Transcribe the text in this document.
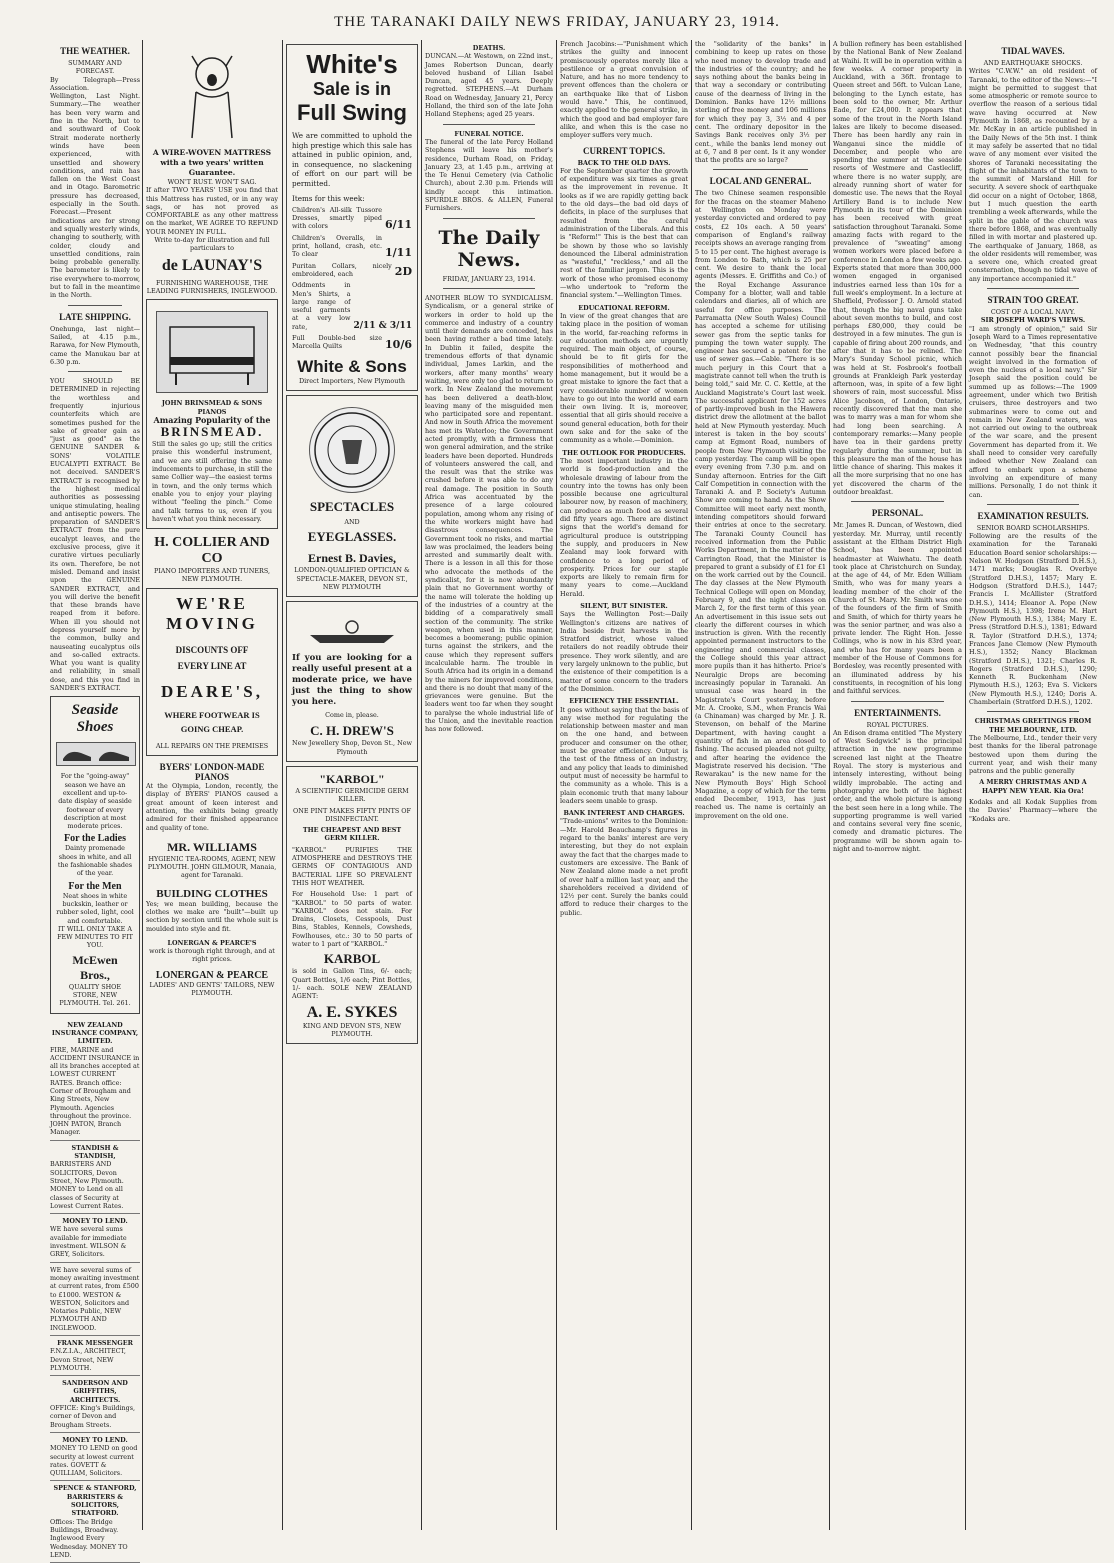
THE TARANAKI DAILY NEWS FRIDAY, JANUARY 23, 1914.
THE WEATHER.
SUMMARY AND FORECAST.

By Telegraph—Press Association.

Wellington, Last Night. Summary.—The weather has been very warm and fine in the North, but to and southward of Cook Strait moderate northerly winds have been experienced, with unsettled and showery conditions, and rain has fallen on the West Coast and in Otago. Barometric pressure has decreased, especially in the South. Forecast.—Present indications are for strong and squally westerly winds, changing to southerly, with colder, cloudy and unsettled conditions, rain being probable generally. The barometer is likely to rise everywhere to-morrow, but to fall in the meantime in the North.

LATE SHIPPING.

Onehunga, last night—Sailed, at 4.15 p.m., Rarawa, for New Plymouth, came the Manukau bar at 6.30 p.m.

YOU SHOULD BE DETERMINED in rejecting the worthless and frequently injurious counterfeits which are sometimes pushed for the sake of greater gain as "just as good" as the GENUINE SANDER & SONS' VOLATILE EUCALYPTI EXTRACT. Be not deceived. SANDER'S EXTRACT is recognised by the highest medical authorities as possessing unique stimulating, healing and antiseptic powers. The preparation of SANDER'S EXTRACT from the pure eucalypt leaves, and the exclusive process, give it curative virtues peculiarly its own. Therefore, be not misled. Demand and insist upon the GENUINE SANDER EXTRACT, and you will derive the benefit that these brands have reaped from it before. When ill you should not depress yourself more by the common, bulky and nauseating eucalyptus oils and so-called extracts. What you want is quality and reliability, in small dose, and this you find in SANDER'S EXTRACT.

Seaside Shoes

For the "going-away" season we have an excellent and up-to-date display of seaside footwear of every description at most moderate prices.

For the Ladies

Dainty promenade shoes in white, and all the fashionable shades of the year.

For the Men

Neat shoes in white buckskin, leather or rubber soled, light, cool and comfortable.

IT WILL ONLY TAKE A FEW MINUTES TO FIT YOU.

McEwen Bros.,

QUALITY SHOE STORE, NEW PLYMOUTH. Tel. 261.

NEW ZEALAND INSURANCE COMPANY, LIMITED.

FIRE, MARINE and ACCIDENT INSURANCE in all its branches accepted at LOWEST CURRENT RATES. Branch office: Corner of Brougham and King Streets, New Plymouth. Agencies throughout the province. JOHN PATON, Branch Manager.

STANDISH & STANDISH,

BARRISTERS AND SOLICITORS, Devon Street, New Plymouth. MONEY to Lend on all classes of Security at Lowest Current Rates.

MONEY TO LEND.

WE have several sums available for immediate investment. WILSON & GREY, Solicitors.

WE have several sums of money awaiting investment at current rates, from £500 to £1000. WESTON & WESTON, Solicitors and Notaries Public, NEW PLYMOUTH AND INGLEWOOD.

FRANK MESSENGER

F.N.Z.I.A., ARCHITECT, Devon Street, NEW PLYMOUTH.

SANDERSON AND GRIFFITHS, ARCHITECTS.

OFFICE: King's Buildings, corner of Devon and Brougham Streets.

MONEY TO LEND.

MONEY TO LEND on good security at lowest current rates. GOVETT & QUILLIAM, Solicitors.

SPENCE & STANFORD, BARRISTERS & SOLICITORS, STRATFORD.

Offices: The Bridge Buildings, Broadway. Inglewood Every Wednesday. MONEY TO LEND.

A WIRE-WOVEN MATTRESS with a two years' written Guarantee.
WON'T RUST. WON'T SAG.

If after TWO YEARS' USE you find that this Mattress has rusted, or in any way sags, or has not proved as COMFORTABLE as any other mattress on the market, WE AGREE TO REFUND YOUR MONEY IN FULL.

Write to-day for illustration and full particulars to

de LAUNAY'S

FURNISHING WAREHOUSE, THE LEADING FURNISHERS, INGLEWOOD.

JOHN BRINSMEAD & SONS PIANOS
Amazing Popularity of the
BRINSMEAD.

Still the sales go up; still the critics praise this wonderful instrument, and we are still offering the same inducements to purchase, in still the same Collier way—the easiest terms in town, and the only terms which enable you to enjoy your playing without "feeling the pinch." Come and talk terms to us, even if you haven't what you think necessary.

H. COLLIER AND CO

PIANO IMPORTERS AND TUNERS, NEW PLYMOUTH.

WE'RE
MOVING
DISCOUNTS OFF EVERY LINE AT
DEARE'S,
WHERE FOOTWEAR IS GOING CHEAP.

ALL REPAIRS ON THE PREMISES

BYERS' LONDON-MADE PIANOS

At the Olympia, London, recently, the display of BYERS' PIANOS caused a great amount of keen interest and attention, the exhibits being greatly admired for their finished appearance and quality of tone.

MR. WILLIAMS

HYGIENIC TEA-ROOMS, AGENT, NEW PLYMOUTH. JOHN GILMOUR, Manaia, agent for Taranaki.

BUILDING CLOTHES

Yes; we mean building, because the clothes we make are "built"—built up section by section until the whole suit is moulded into style and fit.

LONERGAN & PEARCE'S

work is thorough right through, and at right prices.

LONERGAN & PEARCE

LADIES' AND GENTS' TAILORS, NEW PLYMOUTH.

White's
Sale is in
Full Swing

We are committed to uphold the high prestige which this sale has attained in public opinion, and, in consequence, no slackening of effort on our part will be permitted.

Items for this week:
Children's All-silk Tussore Dresses, smartly piped with colors	6/11
Children's Overalls, in print, holland, crash, etc. To clear	1/11
Puritan Collars, nicely embroidered, each	2D
Oddments in Men's Shirts, a large range of useful garments at a very low rate,	2/11 & 3/11
Full Double-bed size Marcella Quilts	10/6
White & Sons

Direct Importers, New Plymouth

SPECTACLES
AND
EYEGLASSES.
Ernest B. Davies,

LONDON-QUALIFIED OPTICIAN & SPECTACLE-MAKER, DEVON ST., NEW PLYMOUTH

If you are looking for a really useful present at a moderate price, we have just the thing to show you here.

Come in, please.

C. H. DREW'S

New Jewellery Shop, Devon St., New Plymouth

"KARBOL"

A SCIENTIFIC GERMICIDE GERM KILLER.

ONE PINT MAKES FIFTY PINTS OF DISINFECTANT.

THE CHEAPEST AND BEST GERM KILLER.

"KARBOL" PURIFIES THE ATMOSPHERE and DESTROYS THE GERMS OF CONTAGIOUS AND BACTERIAL LIFE SO PREVALENT THIS HOT WEATHER.

For Household Use: 1 part of "KARBOL" to 50 parts of water. "KARBOL" does not stain. For Drains, Closets, Cesspools, Dust Bins, Stables, Kennels, Cowsheds, Fowlhouses, etc.: 30 to 50 parts of water to 1 part of "KARBOL."

KARBOL

is sold in Gallon Tins, 6/- each; Quart Bottles, 1/6 each; Pint Bottles, 1/- each. SOLE NEW ZEALAND AGENT:

A. E. SYKES

KING AND DEVON STS, NEW PLYMOUTH.

DEATHS.

DUNCAN.—At Westown, on 22nd inst., James Robertson Duncan, dearly beloved husband of Lilian Isabel Duncan, aged 45 years. Deeply regretted. STEPHENS.—At Durham Road on Wednesday, January 21, Percy Holland, the third son of the late John Holland Stephens; aged 25 years.

FUNERAL NOTICE.

The funeral of the late Percy Holland Stephens will leave his mother's residence, Durham Road, on Friday, January 23, at 1.45 p.m., arriving at the Te Henui Cemetery (via Catholic Church), about 2.30 p.m. Friends will kindly accept this intimation. SPURDLE BROS. & ALLEN, Funeral Furnishers.

The Daily News.
FRIDAY, JANUARY 23, 1914.

ANOTHER BLOW TO SYNDICALISM. Syndicalism, or a general strike of workers in order to hold up the commerce and industry of a country until their demands are conceded, has been having rather a bad time lately. In Dublin it failed, despite the tremendous efforts of that dynamic individual, James Larkin, and the workers, after many months' weary waiting, were only too glad to return to work. In New Zealand the movement has been delivered a death-blow, leaving many of the misguided men who participated sore and repentant. And now in South Africa the movement has met its Waterloo; the Government acted promptly, with a firmness that won general admiration, and the strike leaders have been deported. Hundreds of volunteers answered the call, and the result was that the strike was crushed before it was able to do any real damage. The position in South Africa was accentuated by the presence of a large coloured population, among whom any rising of the white workers might have had disastrous consequences. The Government took no risks, and martial law was proclaimed, the leaders being arrested and summarily dealt with. There is a lesson in all this for those who advocate the methods of the syndicalist, for it is now abundantly plain that no Government worthy of the name will tolerate the holding up of the industries of a country at the bidding of a comparatively small section of the community. The strike weapon, when used in this manner, becomes a boomerang; public opinion turns against the strikers, and the cause which they represent suffers incalculable harm. The trouble in South Africa had its origin in a demand by the miners for improved conditions, and there is no doubt that many of the grievances were genuine. But the leaders went too far when they sought to paralyse the whole industrial life of the Union, and the inevitable reaction has now followed.

French Jacobins:—"Punishment which strikes the guilty and innocent promiscuously operates merely like a pestilence or a great convulsion of Nature, and has no more tendency to prevent offences than the cholera or an earthquake like that of Lisbon would have." This, he continued, exactly applied to the general strike, in which the good and bad employer fare alike, and when this is the case no employer suffers very much.

CURRENT TOPICS.
BACK TO THE OLD DAYS.

For the September quarter the growth of expenditure was six times as great as the improvement in revenue. It looks as if we are rapidly getting back to the old days—the bad old days of deficits, in place of the surpluses that resulted from the careful administration of the Liberals. And this is "Reform!" This is the best that can be shown by those who so lavishly denounced the Liberal administration as "wasteful," "reckless," and all the rest of the familiar jargon. This is the work of those who promised economy—who undertook to "reform the financial system."—Wellington Times.

EDUCATIONAL REFORM.

In view of the great changes that are taking place in the position of woman in the world, far-reaching reforms in our education methods are urgently required. The main object, of course, should be to fit girls for the responsibilities of motherhood and home management, but it would be a great mistake to ignore the fact that a very considerable number of women have to go out into the world and earn their own living. It is, moreover, essential that all girls should receive a sound general education, both for their own sake and for the sake of the community as a whole.—Dominion.

THE OUTLOOK FOR PRODUCERS.

The most important industry in the world is food-production and the wholesale drawing of labour from the country into the towns has only been possible because one agricultural labourer now, by reason of machinery, can produce as much food as several did fifty years ago. There are distinct signs that the world's demand for agricultural produce is outstripping the supply, and producers in New Zealand may look forward with confidence to a long period of prosperity. Prices for our staple exports are likely to remain firm for many years to come.—Auckland Herald.

SILENT, BUT SINISTER.

Says the Wellington Post:—Daily Wellington's citizens are natives of India beside fruit harvests in the Stratford district, whose valued retailers do not readily obtrude their presence. They work silently, and are very largely unknown to the public, but the existence of their competition is a matter of some concern to the traders of the Dominion.

EFFICIENCY THE ESSENTIAL.

It goes without saying that the basis of any wise method for regulating the relationship between master and man on the one hand, and between producer and consumer on the other, must be greater efficiency. Output is the test of the fitness of an industry, and any policy that leads to diminished output must of necessity be harmful to the community as a whole. This is a plain economic truth that many labour leaders seem unable to grasp.

BANK INTEREST AND CHARGES.

"Trade-unions" writes to the Dominion:—Mr. Harold Beauchamp's figures in regard to the banks' interest are very interesting, but they do not explain away the fact that the charges made to customers are excessive. The Bank of New Zealand alone made a net profit of over half a million last year, and the shareholders received a dividend of 12½ per cent. Surely the banks could afford to reduce their charges to the public.

the "solidarity of the banks" in combining to keep up rates on those who need money to develop trade and the industries of the country; and he says nothing about the banks being in that way a secondary or contributing cause of the dearness of living in the Dominion. Banks have 12½ millions sterling of free money and 106 millions for which they pay 3, 3½ and 4 per cent. The ordinary depositor in the Savings Bank receives only 3½ per cent., while the banks lend money out at 6, 7 and 8 per cent. Is it any wonder that the profits are so large?

LOCAL AND GENERAL.

The two Chinese seamen responsible for the fracas on the steamer Maheno at Wellington on Monday were yesterday convicted and ordered to pay costs, £2 10s each. A 50 years' comparison of England's railway receipts shows an average ranging from 5 to 15 per cent. The highest average is from London to Bath, which is 25 per cent. We desire to thank the local agents (Messrs. E. Griffiths and Co.) of the Royal Exchange Assurance Company for a blotter, wall and table calendars and diaries, all of which are useful for office purposes. The Parramatta (New South Wales) Council has accepted a scheme for utilising sewer gas from the septic tanks for pumping the town water supply. The engineer has secured a patent for the use of sewer gas.—Cable. "There is so much perjury in this Court that a magistrate cannot tell when the truth is being told," said Mr. C. C. Kettle, at the Auckland Magistrate's Court last week. The successful applicant for 152 acres of partly-improved bush in the Hawera district drew the allotment at the ballot held at New Plymouth yesterday. Much interest is taken in the boy scouts' camp at Egmont Road, numbers of people from New Plymouth visiting the camp yesterday. The camp will be open every evening from 7.30 p.m. and on Sunday afternoon. Entries for the Gift Calf Competition in connection with the Taranaki A. and P. Society's Autumn Show are coming to hand. As the Show Committee will meet early next month, intending competitors should forward their entries at once to the secretary. The Taranaki County Council has received information from the Public Works Department, in the matter of the Carrington Road, that the Minister is prepared to grant a subsidy of £1 for £1 on the work carried out by the Council. The day classes at the New Plymouth Technical College will open on Monday, February 9, and the night classes on March 2, for the first term of this year. An advertisement in this issue sets out clearly the different courses in which instruction is given. With the recently appointed permanent instructors to the engineering and commercial classes, the College should this year attract more pupils than it has hitherto. Price's Neuralgic Drops are becoming increasingly popular in Taranaki. An unusual case was heard in the Magistrate's Court yesterday, before Mr. A. Crooke, S.M., when Francis Wai (a Chinaman) was charged by Mr. J. R. Stevenson, on behalf of the Marine Department, with having caught a quantity of fish in an area closed to fishing. The accused pleaded not guilty, and after hearing the evidence the Magistrate reserved his decision. "The Rewarakau" is the new name for the New Plymouth Boys' High School Magazine, a copy of which for the term ended December, 1913, has just reached us. The name is certainly an improvement on the old one.

A bullion refinery has been established by the National Bank of New Zealand at Waihi. It will be in operation within a few weeks. A corner property in Auckland, with a 36ft. frontage to Queen street and 56ft. to Vulcan Lane, belonging to the Lynch estate, has been sold to the owner, Mr. Arthur Eade, for £24,000. It appears that some of the trout in the North Island lakes are likely to become diseased. There has been hardly any rain in Wanganui since the middle of December, and people who are spending the summer at the seaside resorts of Westmere and Castlecliff, where there is no water supply, are already running short of water for domestic use. The news that the Royal Artillery Band is to include New Plymouth in its tour of the Dominion has been received with great satisfaction throughout Taranaki. Some amazing facts with regard to the prevalence of "sweating" among women workers were placed before a conference in London a few weeks ago. Experts stated that more than 300,000 women engaged in organised industries earned less than 10s for a full week's employment. In a lecture at Sheffield, Professor J. O. Arnold stated that, though the big naval guns take about seven months to build, and cost perhaps £80,000, they could be destroyed in a few minutes. The gun is capable of firing about 200 rounds, and after that it has to be relined. The Mary's Sunday School picnic, which was held at St. Fosbrook's football grounds at Frankleigh Park yesterday afternoon, was, in spite of a few light showers of rain, most successful. Miss Alice Jacobson, of London, Ontario, recently discovered that the man she was to marry was a man for whom she had long been searching. A contemporary remarks:—Many people have tea in their gardens pretty regularly during the summer, but in this pleasure the man of the house has little chance of sharing. This makes it all the more surprising that no one has yet discovered the charm of the outdoor breakfast.

PERSONAL.

Mr. James R. Duncan, of Westown, died yesterday. Mr. Murray, until recently assistant at the Eltham District High School, has been appointed headmaster at Waiwhatu. The death took place at Christchurch on Sunday, at the age of 44, of Mr. Eden William Smith, who was for many years a leading member of the choir of the Church of St. Mary. Mr. Smith was one of the founders of the firm of Smith and Smith, of which for thirty years he was the senior partner, and was also a private lender. The Right Hon. Jesse Collings, who is now in his 83rd year, and who has for many years been a member of the House of Commons for Bordesley, was recently presented with an illuminated address by his constituents, in recognition of his long and faithful services.

ENTERTAINMENTS.
ROYAL PICTURES.

An Edison drama entitled "The Mystery of West Sedgwick" is the principal attraction in the new programme screened last night at the Theatre Royal. The story is mysterious and intensely interesting, without being wildly improbable. The acting and photography are both of the highest order, and the whole picture is among the best seen here in a long while. The supporting programme is well varied and contains several very fine scenic, comedy and dramatic pictures. The programme will be shown again to-night and to-morrow night.

TIDAL WAVES.
AND EARTHQUAKE SHOCKS.

Writes "C.W.W." an old resident of Taranaki, to the editor of the News:—"I might be permitted to suggest that some atmospheric or remote source to overflow the reason of a serious tidal wave having occurred at New Plymouth in 1868, as recounted by a Mr. McKay in an article published in the Daily News of the 5th inst. I think it may safely be asserted that no tidal wave of any moment ever visited the shores of Taranaki necessitating the flight of the inhabitants of the town to the summit of Marsland Hill for security. A severe shock of earthquake did occur on a night of October, 1868, but I much question the earth trembling a week afterwards, while the split in the gable of the church was there before 1868, and was eventually filled in with mortar and plastered up. The earthquake of January, 1868, as the older residents will remember, was a severe one, which created great consternation, though no tidal wave of any importance accompanied it."

STRAIN TOO GREAT.
COST OF A LOCAL NAVY.
SIR JOSEPH WARD'S VIEWS.

"I am strongly of opinion," said Sir Joseph Ward to a Times representative on Wednesday, "that this country cannot possibly bear the financial weight involved in the formation of even the nucleus of a local navy." Sir Joseph said the position could be summed up as follows:—The 1909 agreement, under which two British cruisers, three destroyers and two submarines were to come out and remain in New Zealand waters, was not carried out owing to the outbreak of the war scare, and the present Government has departed from it. We shall need to consider very carefully indeed whether New Zealand can afford to embark upon a scheme involving an expenditure of many millions. Personally, I do not think it can.

EXAMINATION RESULTS.
SENIOR BOARD SCHOLARSHIPS.

Following are the results of the examination for the Taranaki Education Board senior scholarships:—Nelson W. Hodgson (Stratford D.H.S.), 1471 marks; Douglas R. Overbye (Stratford D.H.S.), 1457; Mary E. Hodgson (Stratford D.H.S.), 1447; Francis I. McAllister (Stratford D.H.S.), 1414; Eleanor A. Pope (New Plymouth H.S.), 1398; Irene M. Hart (New Plymouth H.S.), 1384; Mary E. Press (Stratford D.H.S.), 1381; Edward R. Taylor (Stratford D.H.S.), 1374; Frances Jane Clemow (New Plymouth H.S.), 1352; Nancy Blackman (Stratford D.H.S.), 1321; Charles R. Rogers (Stratford D.H.S.), 1290; Kenneth R. Buckenham (New Plymouth H.S.), 1263; Eva S. Vickers (New Plymouth H.S.), 1240; Doris A. Chamberlain (Stratford D.H.S.), 1202.

CHRISTMAS GREETINGS FROM THE MELBOURNE, LTD.

The Melbourne, Ltd., tender their very best thanks for the liberal patronage bestowed upon them during the current year, and wish their many patrons and the public generally

A MERRY CHRISTMAS AND A HAPPY NEW YEAR. Kia Ora!

Kodaks and all Kodak Supplies from the Davies' Pharmacy—where the "Kodaks are.
